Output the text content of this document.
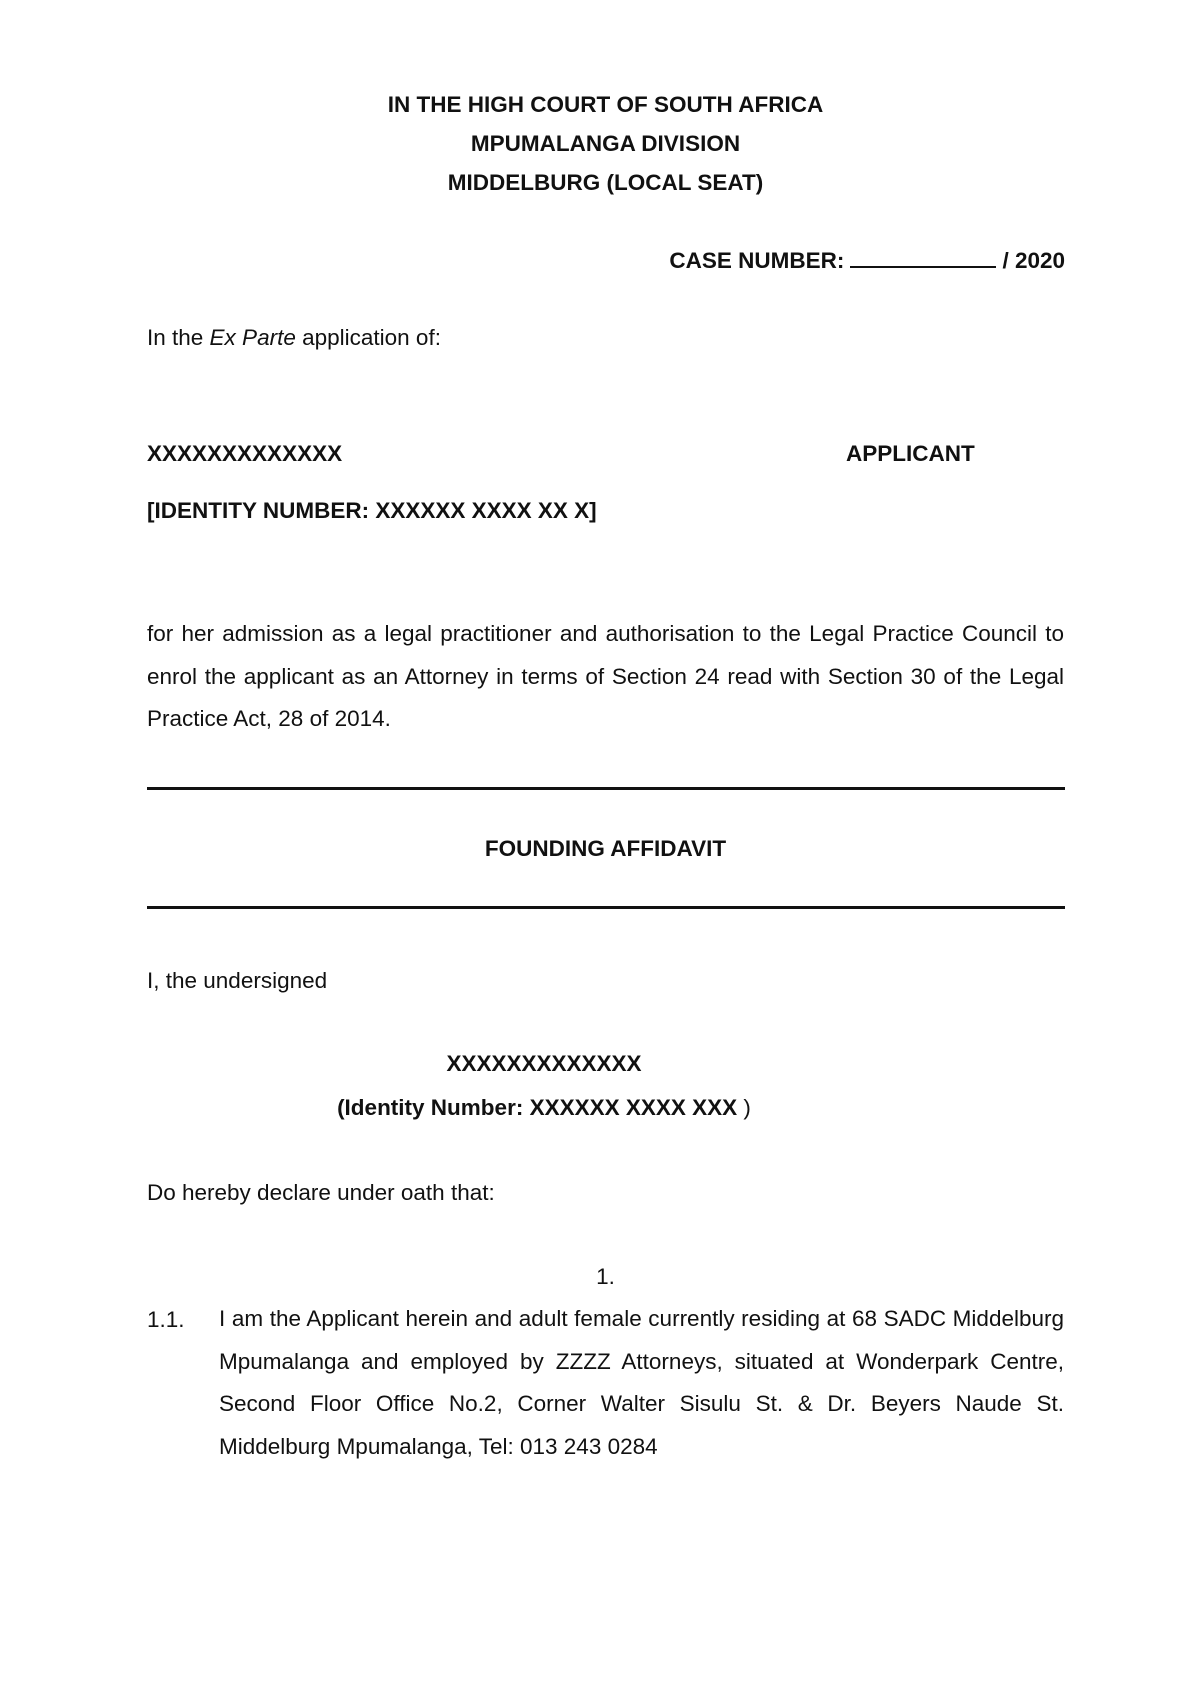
IN THE HIGH COURT OF SOUTH AFRICA

MPUMALANGA DIVISION

MIDDELBURG (LOCAL SEAT)

CASE NUMBER:	/ 2020

In the Ex Parte application of:

XXXXXXXXXXXXX	APPLICANT

[IDENTITY NUMBER: XXXXXX XXXX XX X]

for her admission as a legal practitioner and authorisation to the Legal Practice Council to enrol the applicant as an Attorney in terms of Section 24 read with Section 30 of the Legal Practice Act, 28 of 2014.

FOUNDING AFFIDAVIT

I, the undersigned

XXXXXXXXXXXXX

(Identity Number: XXXXXX XXXX XXX )

Do hereby declare under oath that:

1.

1.1. I am the Applicant herein and adult female currently residing at 68 SADC Middelburg Mpumalanga and employed by ZZZZ Attorneys, situated at Wonderpark Centre, Second Floor Office No.2, Corner Walter Sisulu St. & Dr. Beyers Naude St. Middelburg Mpumalanga, Tel: 013 243 0284
